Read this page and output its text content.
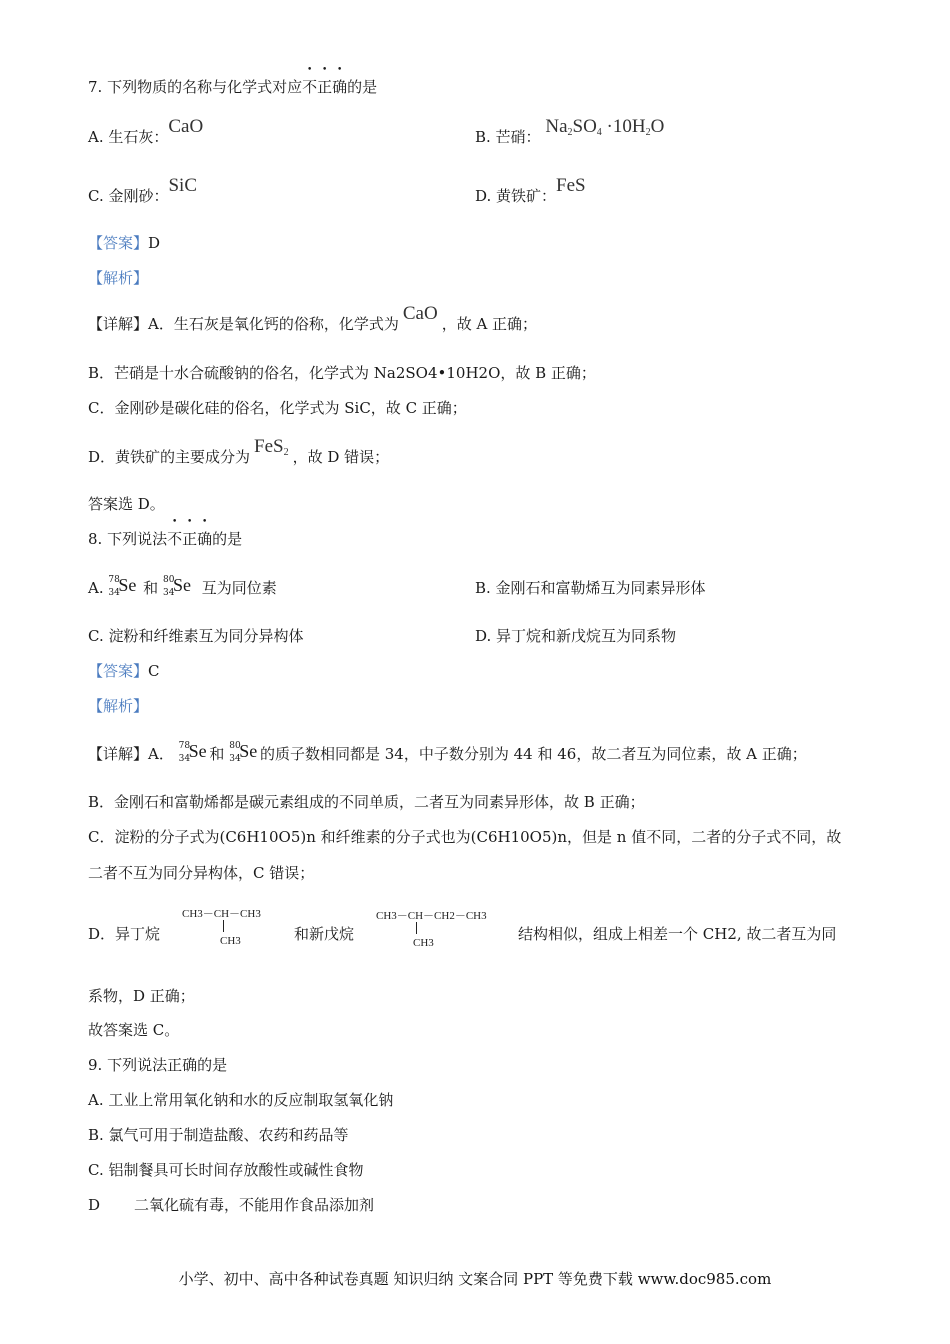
7. 下列物质的名称与化学式对应不正确的是
A. 生石灰：CaO	B. 芒硝： $Na_2SO_4 \cdot 10H_2O$
C. 金刚砂：SiC	D. 黄铁矿：FeS
【答案】D
【解析】
【详解】A．生石灰是氧化钙的俗称，化学式为 CaO ，故 A 正确；
B．芒硝是十水合硫酸钠的俗名，化学式为 Na2SO4•10H2O，故 B 正确；
C．金刚砂是碳化硅的俗名，化学式为 SiC，故 C 正确；
D．黄铁矿的主要成分为 FeS$_2$ ，故 D 错误；
答案选 D。
8. 下列说法不正确的是
A. 78
34
Se 和 80
34
Se 互为同位素	B. 金刚石和富勒烯互为同素异形体
C. 淀粉和纤维素互为同分异构体	D. 异丁烷和新戊烷互为同系物
【答案】C
【解析】
【详解】A． 78
34
Se 和 80
34
Se 的质子数相同都是 34，中子数分别为 44 和 46，故二者互为同位素，故 A 正确；
B．金刚石和富勒烯都是碳元素组成的不同单质，二者互为同素异形体，故 B 正确；
C．淀粉的分子式为(C6H10O5)n 和纤维素的分子式也为(C6H10O5)n，但是 n 值不同，二者的分子式不同，故
二者不互为同分异构体，C 错误；
D．异丁烷
CH3－CH－CH3
CH3	和新戊烷
CH3－CH－CH2－CH3
CH3	结构相似，组成上相差一个 CH2, 故二者互为同
系物，D 正确；
故答案选 C。
9. 下列说法正确的是
A. 工业上常用氧化钠和水的反应制取氢氧化钠
B. 氯气可用于制造盐酸、农药和药品等
C. 铝制餐具可长时间存放酸性或碱性食物
D 二氧化硫有毒，不能用作食品添加剂
小学、初中、高中各种试卷真题 知识归纳 文案合同 PPT 等免费下载 www.doc985.com
